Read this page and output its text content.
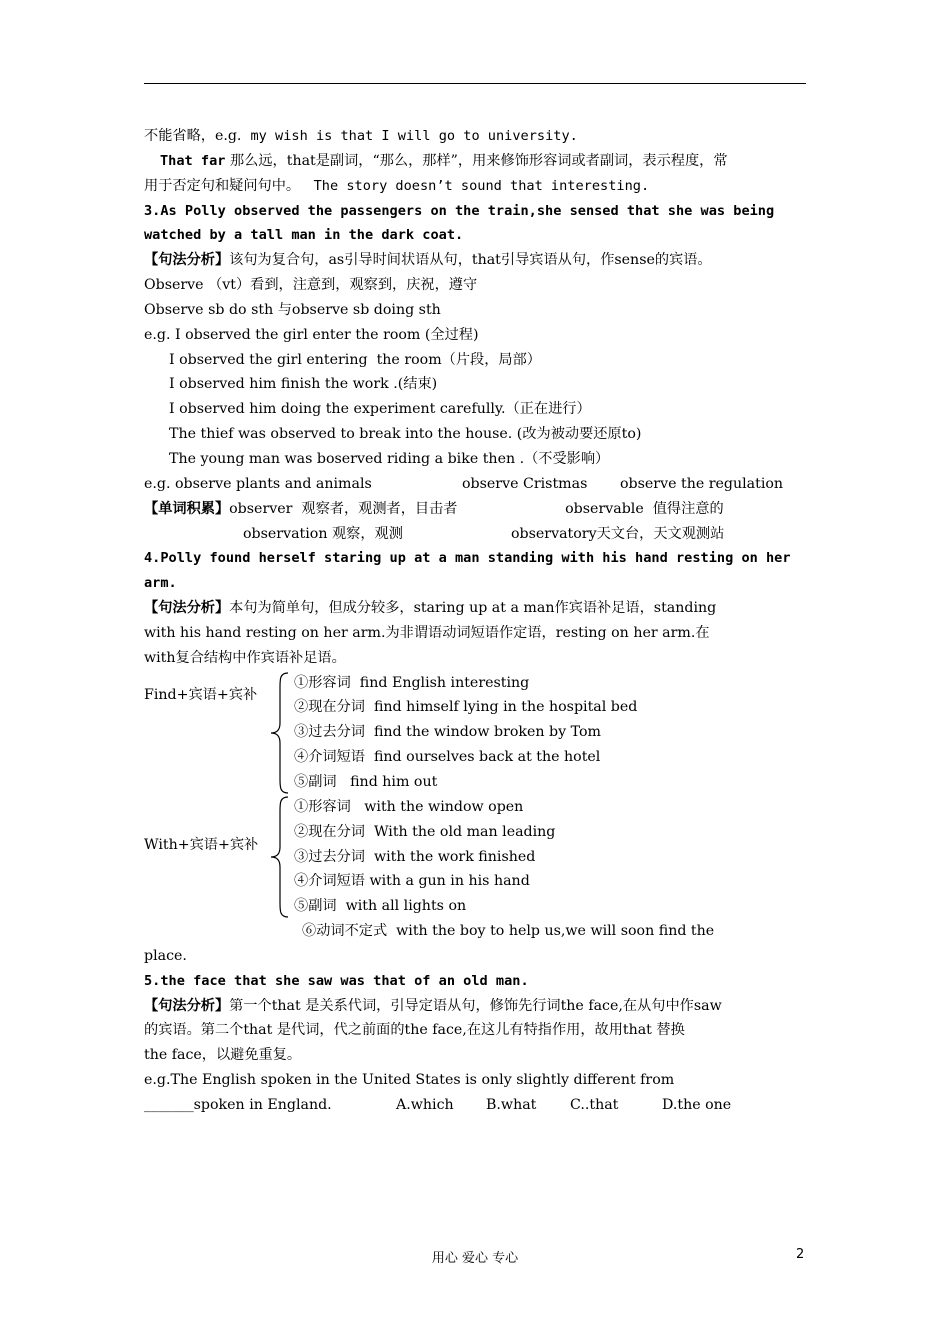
不能省略，e.g.  my wish is that I will go to university.
That far 那么远，that是副词，“那么，那样”，用来修饰形容词或者副词，表示程度，常
用于否定句和疑问句中。   The story doesn’t sound that interesting.
3.As Polly observed the passengers on the train,she sensed that she was being
watched by a tall man in the dark coat.
【句法分析】该句为复合句，as引导时间状语从句，that引导宾语从句，作sense的宾语。
Observe （vt）看到，注意到，观察到，庆祝，遵守
Observe sb do sth 与observe sb doing sth
e.g. I observed the girl enter the room (全过程)
I observed the girl entering  the room（片段，局部）
I observed him finish the work .(结束)
I observed him doing the experiment carefully.（正在进行）
The thief was observed to break into the house. (改为被动要还原to)
The young man was boserved riding a bike then .（不受影响）
e.g. observe plants and animals	observe Cristmas observe the regulation
【单词积累】observer  观察者，观测者，目击者	observable  值得注意的
observation 观察，观测	observatory天文台，天文观测站
4.Polly found herself staring up at a man standing with his hand resting on her
arm.
【句法分析】本句为简单句，但成分较多，staring up at a man作宾语补足语，standing
with his hand resting on her arm.为非谓语动词短语作定语，resting on her arm.在
with复合结构中作宾语补足语。
Find+宾语+宾补
①形容词  find English interesting
②现在分词  find himself lying in the hospital bed
③过去分词  find the window broken by Tom
④介词短语  find ourselves back at the hotel
⑤副词   find him out
With+宾语+宾补
①形容词   with the window open
②现在分词  With the old man leading
③过去分词  with the work finished
④介词短语 with a gun in his hand
⑤副词  with all lights on
⑥动词不定式  with the boy to help us,we will soon find the
place.
5.the face that she saw was that of an old man.
【句法分析】第一个that 是关系代词，引导定语从句，修饰先行词the face,在从句中作saw
的宾语。第二个that 是代词，代之前面的the face,在这儿有特指作用，故用that 替换
the face，以避免重复。
e.g.The English spoken in the United States is only slightly different from
_______spoken in England.	A.which B.what C..that	D.the one
用心 爱心 专心	2
